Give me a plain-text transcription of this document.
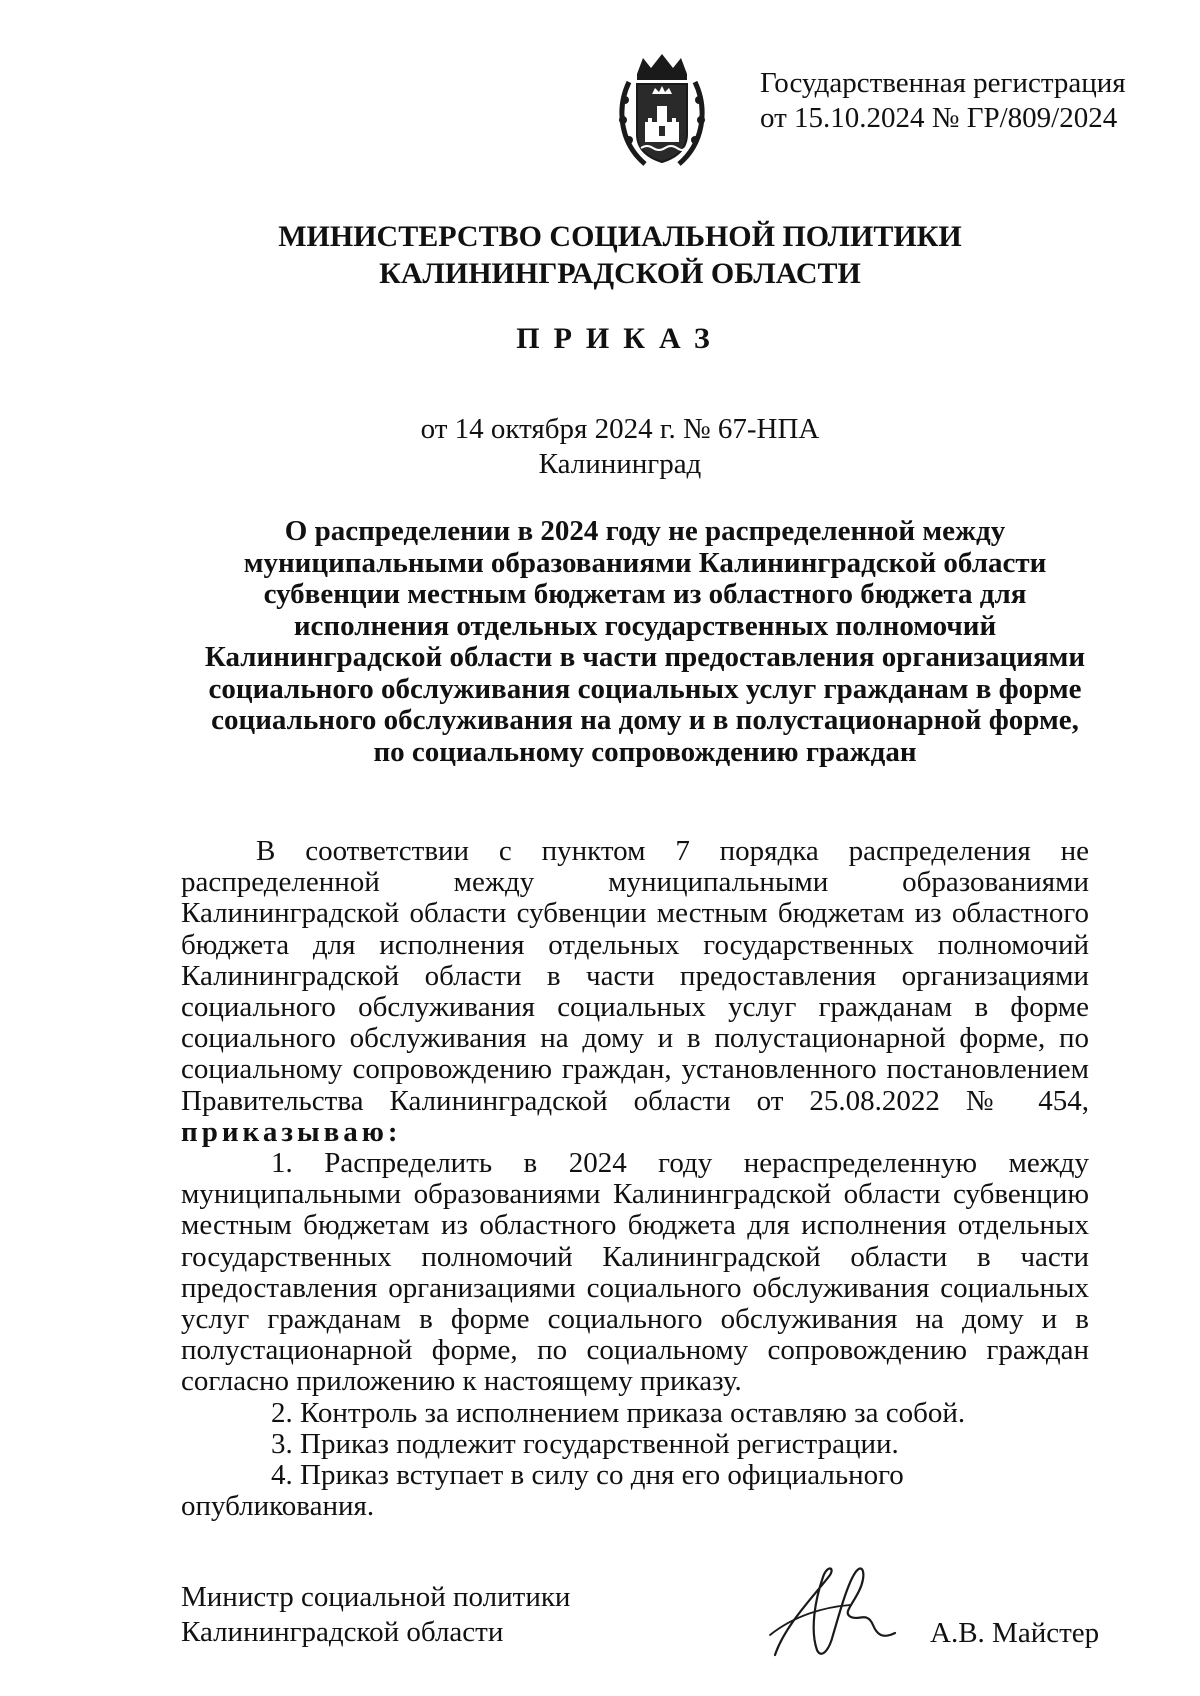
Государственная регистрация
от 15.10.2024 № ГР/809/2024
МИНИСТЕРСТВО СОЦИАЛЬНОЙ ПОЛИТИКИ
КАЛИНИНГРАДСКОЙ ОБЛАСТИ
ПРИКАЗ
от 14 октября 2024 г. № 67-НПА
Калининград
О распределении в 2024 году не распределенной между муниципальными образованиями Калининградской области субвенции местным бюджетам из областного бюджета для исполнения отдельных государственных полномочий Калининградской области в части предоставления организациями социального обслуживания социальных услуг гражданам в форме социального обслуживания на дому и в полустационарной форме, по социальному сопровождению граждан

В соответствии с пунктом 7 порядка распределения не распределенной между муниципальными образованиями Калининградской области субвенции местным бюджетам из областного бюджета для исполнения отдельных государственных полномочий Калининградской области в части предоставления организациями социального обслуживания социальных услуг гражданам в форме социального обслуживания на дому и в полустационарной форме, по социальному сопровождению граждан, установленного постановлением Правительства Калининградской области от 25.08.2022 № 454, приказываю:

1. Распределить в 2024 году нераспределенную между муниципальными образованиями Калининградской области субвенцию местным бюджетам из областного бюджета для исполнения отдельных государственных полномочий Калининградской области в части предоставления организациями социального обслуживания социальных услуг гражданам в форме социального обслуживания на дому и в полустационарной форме, по социальному сопровождению граждан согласно приложению к настоящему приказу.

2. Контроль за исполнением приказа оставляю за собой.

3. Приказ подлежит государственной регистрации.

4. Приказ вступает в силу со дня его официального опубликования.

Министр социальной политики
Калининградской области	А.В. Майстер
